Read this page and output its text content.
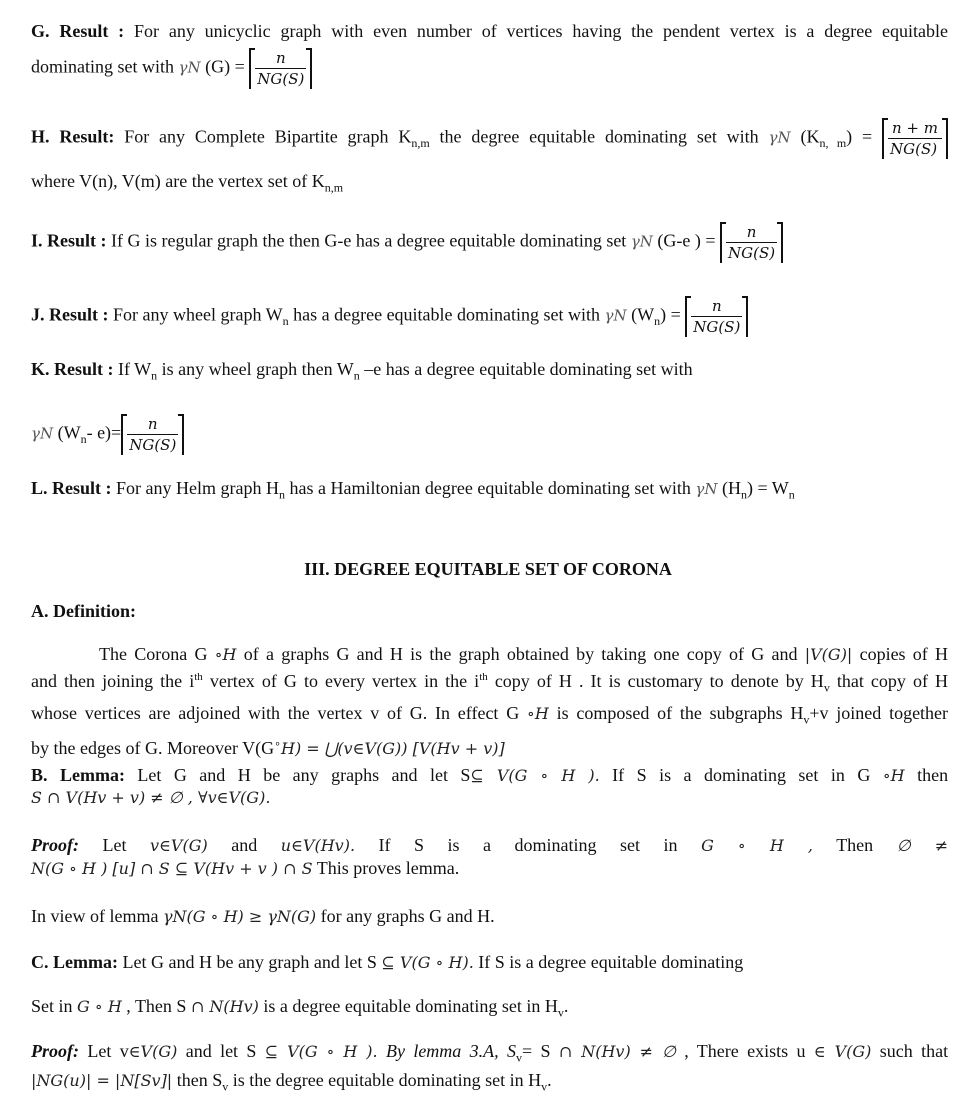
G. Result : For any unicyclic graph with even number of vertices having the pendent vertex is a degree equitable
dominating set with γN $(G) = \frac{n}{NG(S)}$
H. Result: For any Complete Bipartite graph $K_{n,m}$ the degree equitable dominating set with γN $(K_{n, m}) = \frac{n + m}{NG(S)}$
where V(n), V(m) are the vertex set of $K_{n,m}$
I. Result : If G is regular graph the then G-e has a degree equitable dominating set γN (G-e ) = $\frac{n}{NG(S)}$
J. Result : For any wheel graph $W_n$ has a degree equitable dominating set with γN $(W_n) = \frac{n}{NG(S)}$
K. Result : If $W_n$ is any wheel graph then $W_n$ –e has a degree equitable dominating set with
γN ($W_n-$ $e)= \frac{n}{NG(S)}$
L. Result : For any Helm graph $H_n$ has a Hamiltonian degree equitable dominating set with γN $(H_n) = W_n$
III. DEGREE EQUITABLE SET OF CORONA
A. Definition:
The Corona G ∘H of a graphs G and H is the graph obtained by taking one copy of G and |V(G)| copies of H
and then joining the $i^{th}$ vertex of G to every vertex in the $i^{th}$ copy of H . It is customary to denote by $H_v$ that copy of H
whose vertices are adjoined with the vertex v of G. In effect G ∘H is composed of the subgraphs $H_v+v$ joined together
by the edges of G. Moreover V(G∘H) = ⋃(v∈V(G)) [V(Hv + v)]
B. Lemma: Let G and H be any graphs and let S⊆ V(G ∘ H ). If S is a dominating set in G ∘H then
S ∩ V(Hv + v) ≠ ∅ , ∀v∈V(G).
Proof: Let v∈V(G) and u∈V(Hv). If S is a dominating set in G ∘ H , Then ∅ ≠
N(G ∘ H ) [u] ∩ S ⊆ V(Hv + v ) ∩ S This proves lemma.
In view of lemma γN(G ∘ H) ≥ γN(G) for any graphs G and H.
C. Lemma: Let G and H be any graph and let S ⊆ V(G ∘ H). If S is a degree equitable dominating
Set in G ∘ H , Then S ∩ N(Hv) is a degree equitable dominating set in $H_v$.
Proof: Let v∈V(G) and let S ⊆ V(G ∘ H ). By lemma 3.A, $S_v= S$ ∩ N(Hv) ≠ ∅ , There exists u ∈ V(G) such that
|NG(u)| = |N[Sv]| then $S_v$ is the degree equitable dominating set in $H_v$.
